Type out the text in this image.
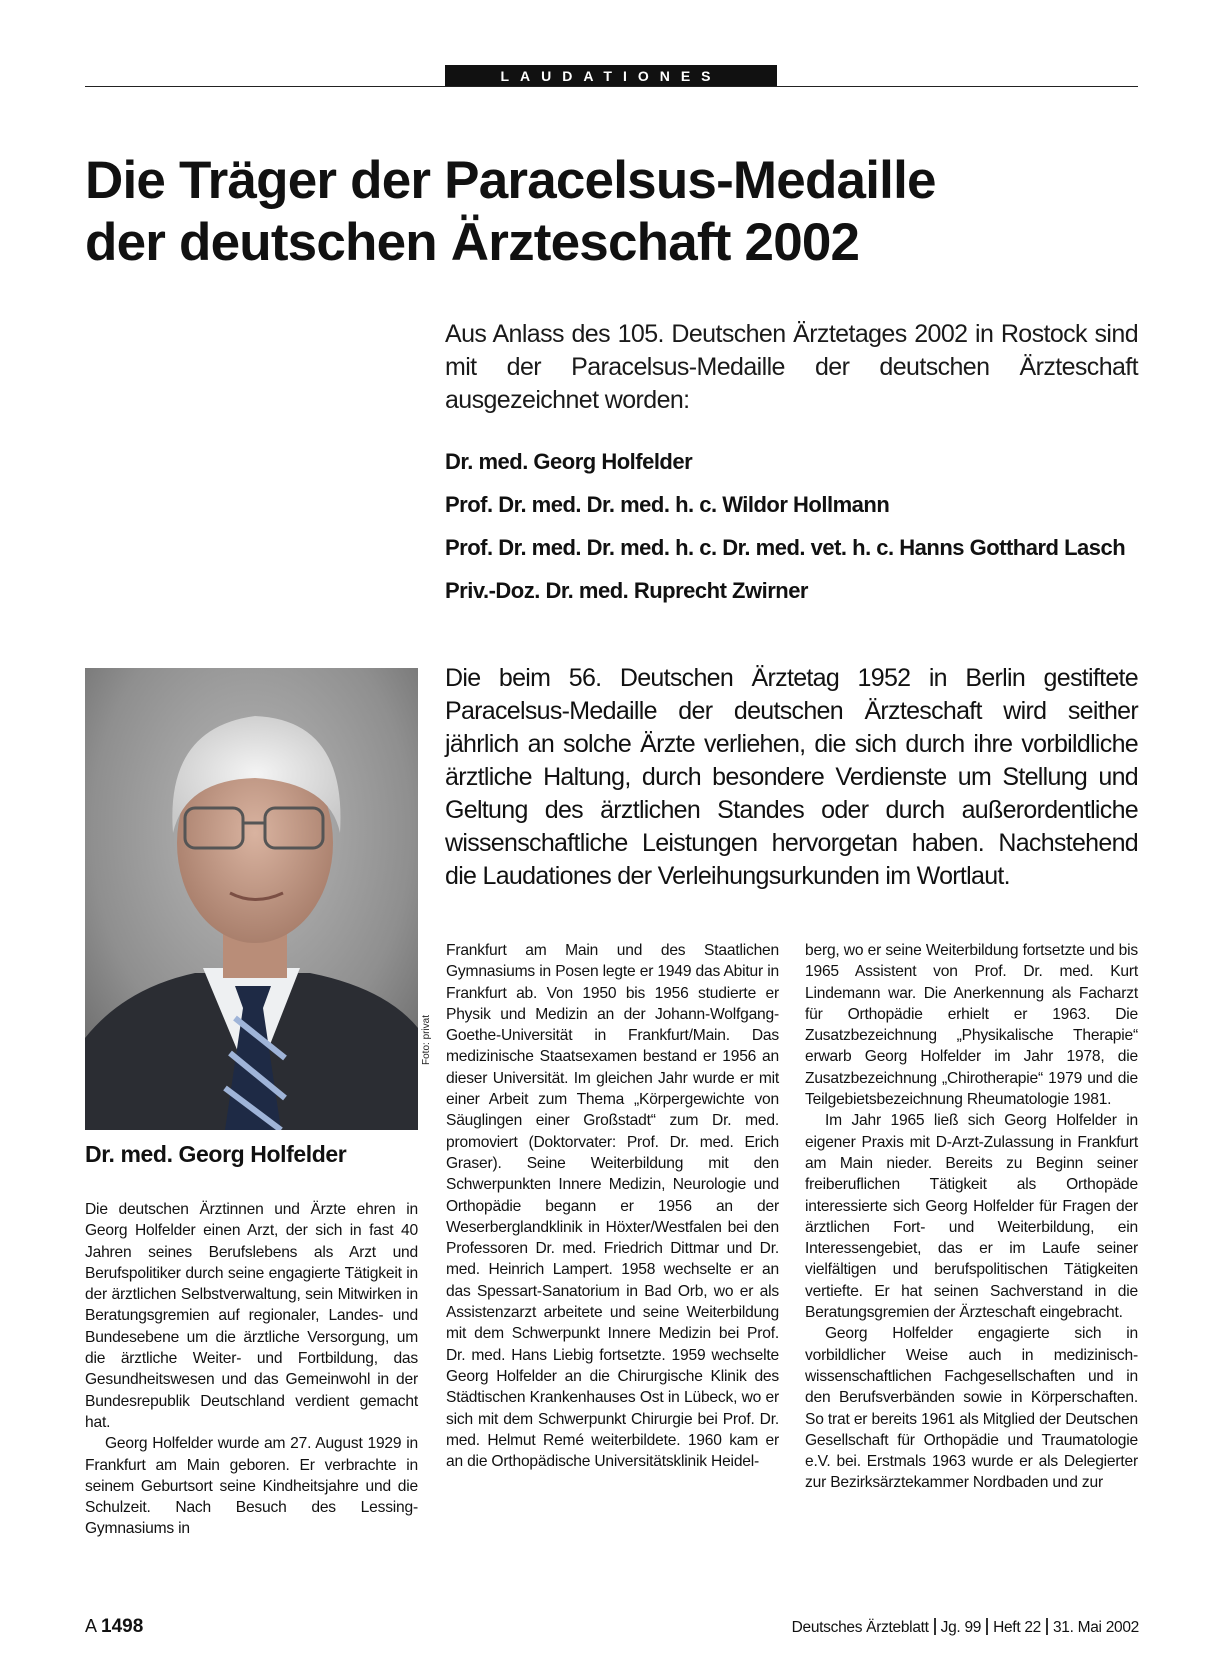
LAUDATIONES
Die Träger der Paracelsus-Medaille
der deutschen Ärzteschaft 2002

Aus Anlass des 105. Deutschen Ärztetages 2002 in Rostock sind mit der Paracelsus-Medaille der deutschen Ärzteschaft ausgezeichnet worden:

Dr. med. Georg Holfelder
Prof. Dr. med. Dr. med. h. c. Wildor Hollmann
Prof. Dr. med. Dr. med. h. c. Dr. med. vet. h. c. Hanns Gotthard Lasch
Priv.-Doz. Dr. med. Ruprecht Zwirner
Foto: privat

Die beim 56. Deutschen Ärztetag 1952 in Berlin gestiftete Paracelsus-Medaille der deutschen Ärzteschaft wird seither jährlich an solche Ärzte verliehen, die sich durch ihre vorbildliche ärztliche Haltung, durch besondere Verdienste um Stellung und Geltung des ärztlichen Standes oder durch außerordentliche wissenschaftliche Leistungen hervorgetan haben. Nachstehend die Laudationes der Verleihungsurkunden im Wortlaut.

Dr. med. Georg Holfelder

Die deutschen Ärztinnen und Ärzte ehren in Georg Holfelder einen Arzt, der sich in fast 40 Jahren seines Berufslebens als Arzt und Berufspolitiker durch seine engagierte Tätigkeit in der ärztlichen Selbstverwaltung, sein Mitwirken in Beratungsgremien auf regionaler, Landes- und Bundesebene um die ärztliche Versorgung, um die ärztliche Weiter- und Fortbildung, das Gesundheitswesen und das Gemeinwohl in der Bundesrepublik Deutschland verdient gemacht hat.

Georg Holfelder wurde am 27. August 1929 in Frankfurt am Main geboren. Er verbrachte in seinem Geburtsort seine Kindheitsjahre und die Schulzeit. Nach Besuch des Lessing-Gymnasiums in

Frankfurt am Main und des Staatlichen Gymnasiums in Posen legte er 1949 das Abitur in Frankfurt ab. Von 1950 bis 1956 studierte er Physik und Medizin an der Johann-Wolfgang-Goethe-Universität in Frankfurt/Main. Das medizinische Staatsexamen bestand er 1956 an dieser Universität. Im gleichen Jahr wurde er mit einer Arbeit zum Thema „Körpergewichte von Säuglingen einer Großstadt“ zum Dr. med. promoviert (Doktorvater: Prof. Dr. med. Erich Graser). Seine Weiterbildung mit den Schwerpunkten Innere Medizin, Neurologie und Orthopädie begann er 1956 an der Weserberglandklinik in Höxter/Westfalen bei den Professoren Dr. med. Friedrich Dittmar und Dr. med. Heinrich Lampert. 1958 wechselte er an das Spessart-Sanatorium in Bad Orb, wo er als Assistenzarzt arbeitete und seine Weiterbildung mit dem Schwerpunkt Innere Medizin bei Prof. Dr. med. Hans Liebig fortsetzte. 1959 wechselte Georg Holfelder an die Chirurgische Klinik des Städtischen Krankenhauses Ost in Lübeck, wo er sich mit dem Schwerpunkt Chirurgie bei Prof. Dr. med. Helmut Remé weiterbildete. 1960 kam er an die Orthopädische Universitätsklinik Heidel-

berg, wo er seine Weiterbildung fortsetzte und bis 1965 Assistent von Prof. Dr. med. Kurt Lindemann war. Die Anerkennung als Facharzt für Orthopädie erhielt er 1963. Die Zusatzbezeichnung „Physikalische Therapie“ erwarb Georg Holfelder im Jahr 1978, die Zusatzbezeichnung „Chirotherapie“ 1979 und die Teilgebietsbezeichnung Rheumatologie 1981.

Im Jahr 1965 ließ sich Georg Holfelder in eigener Praxis mit D-Arzt-Zulassung in Frankfurt am Main nieder. Bereits zu Beginn seiner freiberuflichen Tätigkeit als Orthopäde interessierte sich Georg Holfelder für Fragen der ärztlichen Fort- und Weiterbildung, ein Interessengebiet, das er im Laufe seiner vielfältigen und berufspolitischen Tätigkeiten vertiefte. Er hat seinen Sachverstand in die Beratungsgremien der Ärzteschaft eingebracht.

Georg Holfelder engagierte sich in vorbildlicher Weise auch in medizinisch-wissenschaftlichen Fachgesellschaften und in den Berufsverbänden sowie in Körperschaften. So trat er bereits 1961 als Mitglied der Deutschen Gesellschaft für Orthopädie und Traumatologie e.V. bei. Erstmals 1963 wurde er als Delegierter zur Bezirksärztekammer Nordbaden und zur

A 1498	Deutsches Ärzteblatt Jg. 99 Heft 22 31. Mai 2002
